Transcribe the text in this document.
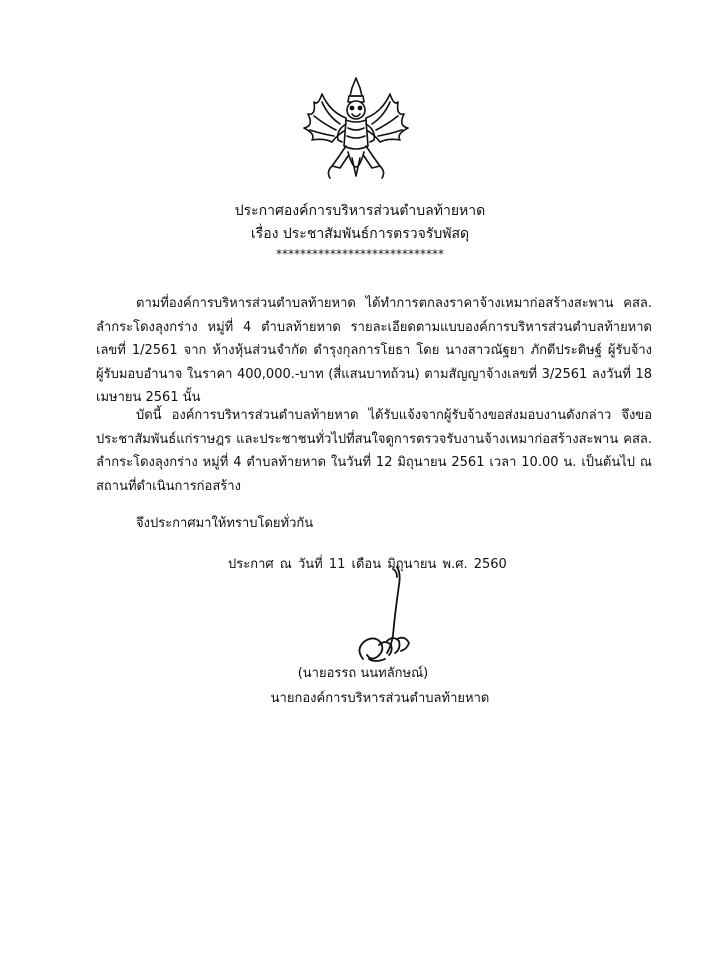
ประกาศองค์การบริหารส่วนตำบลท้ายหาด
เรื่อง ประชาสัมพันธ์การตรวจรับพัสดุ
****************************
ตามที่องค์การบริหารส่วนตำบลท้ายหาด ได้ทำการตกลงราคาจ้างเหมาก่อสร้างสะพาน คสล. ลำกระโดงลุงกร่าง หมู่ที่ 4 ตำบลท้ายหาด รายละเอียดตามแบบองค์การบริหารส่วนตำบลท้ายหาด เลขที่ 1/2561 จาก ห้างหุ้นส่วนจำกัด ดำรุงกุลการโยธา โดย นางสาวณัฐยา ภักดีประดิษฐ์ ผู้รับจ้างผู้รับมอบอำนาจ ในราคา 400,000.-บาท (สี่แสนบาทถ้วน) ตามสัญญาจ้างเลขที่ 3/2561 ลงวันที่ 18 เมษายน 2561 นั้น
บัดนี้ องค์การบริหารส่วนตำบลท้ายหาด ได้รับแจ้งจากผู้รับจ้างขอส่งมอบงานดังกล่าว จึงขอประชาสัมพันธ์แก่ราษฎร และประชาชนทั่วไปที่สนใจดูการตรวจรับงานจ้างเหมาก่อสร้างสะพาน คสล. ลำกระโดงลุงกร่าง หมู่ที่ 4 ตำบลท้ายหาด ในวันที่ 12 มิถุนายน 2561 เวลา 10.00 น. เป็นต้นไป ณ สถานที่ดำเนินการก่อสร้าง
จึงประกาศมาให้ทราบโดยทั่วกัน
ประกาศ ณ วันที่ 11 เดือน มิถุนายน พ.ศ. 2560
(นายอรรถ นนทลักษณ์)
นายกองค์การบริหารส่วนตำบลท้ายหาด
